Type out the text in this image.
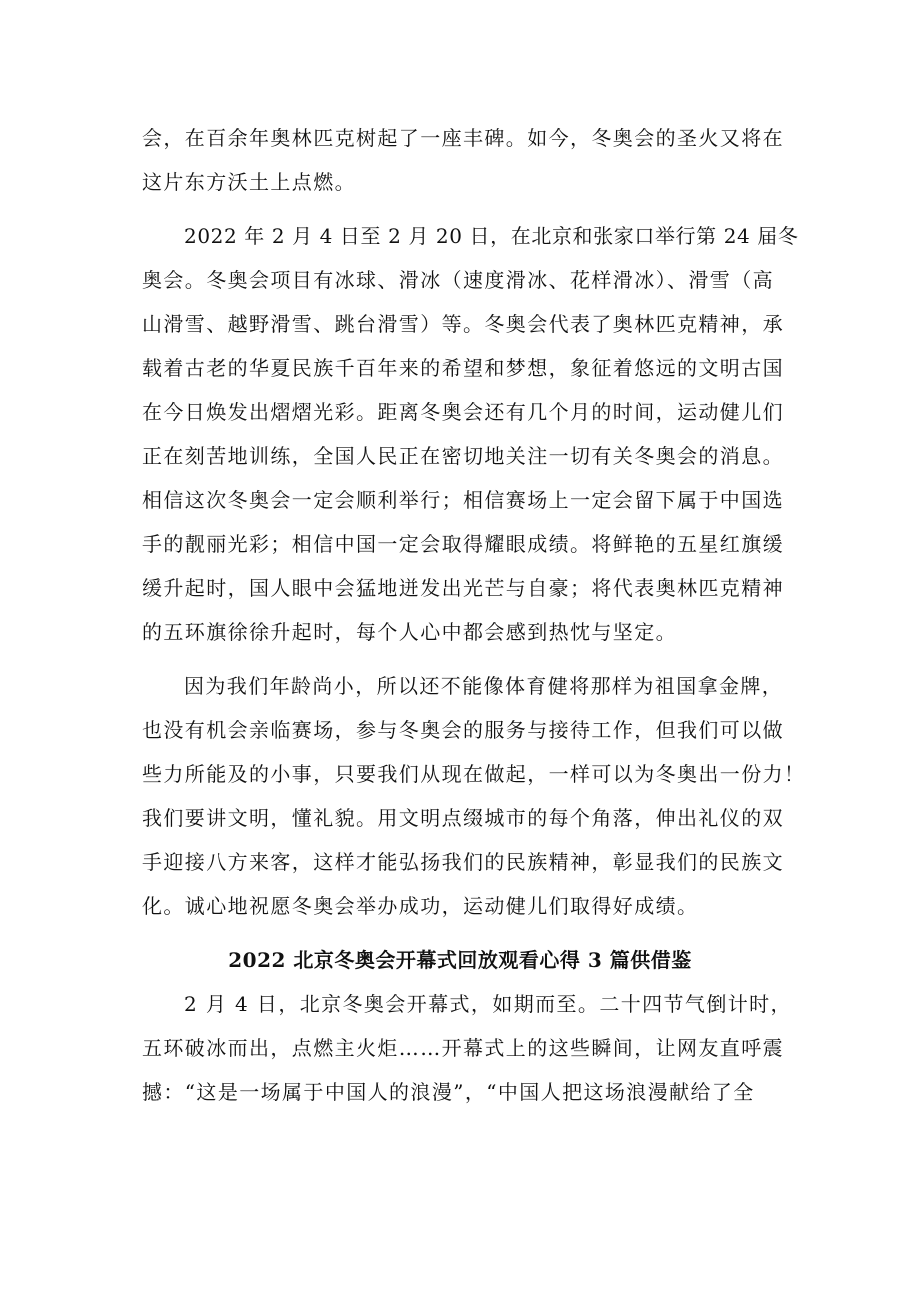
会，在百余年奥林匹克树起了一座丰碑。如今，冬奥会的圣火又将在
这片东方沃土上点燃。
2022 年 2 月 4 日至 2 月 20 日，在北京和张家口举行第 24 届冬
奥会。冬奥会项目有冰球、滑冰（速度滑冰、花样滑冰）、滑雪（高
山滑雪、越野滑雪、跳台滑雪）等。冬奥会代表了奥林匹克精神，承
载着古老的华夏民族千百年来的希望和梦想，象征着悠远的文明古国
在今日焕发出熠熠光彩。距离冬奥会还有几个月的时间，运动健儿们
正在刻苦地训练，全国人民正在密切地关注一切有关冬奥会的消息。
相信这次冬奥会一定会顺利举行；相信赛场上一定会留下属于中国选
手的靓丽光彩；相信中国一定会取得耀眼成绩。将鲜艳的五星红旗缓
缓升起时，国人眼中会猛地迸发出光芒与自豪；将代表奥林匹克精神
的五环旗徐徐升起时，每个人心中都会感到热忱与坚定。
因为我们年龄尚小，所以还不能像体育健将那样为祖国拿金牌，
也没有机会亲临赛场，参与冬奥会的服务与接待工作，但我们可以做
些力所能及的小事，只要我们从现在做起，一样可以为冬奥出一份力！
我们要讲文明，懂礼貌。用文明点缀城市的每个角落，伸出礼仪的双
手迎接八方来客，这样才能弘扬我们的民族精神，彰显我们的民族文
化。诚心地祝愿冬奥会举办成功，运动健儿们取得好成绩。
2022 北京冬奥会开幕式回放观看心得 3 篇供借鉴
2 月 4 日，北京冬奥会开幕式，如期而至。二十四节气倒计时，
五环破冰而出，点燃主火炬……开幕式上的这些瞬间，让网友直呼震
撼：“这是一场属于中国人的浪漫”，“中国人把这场浪漫献给了全
